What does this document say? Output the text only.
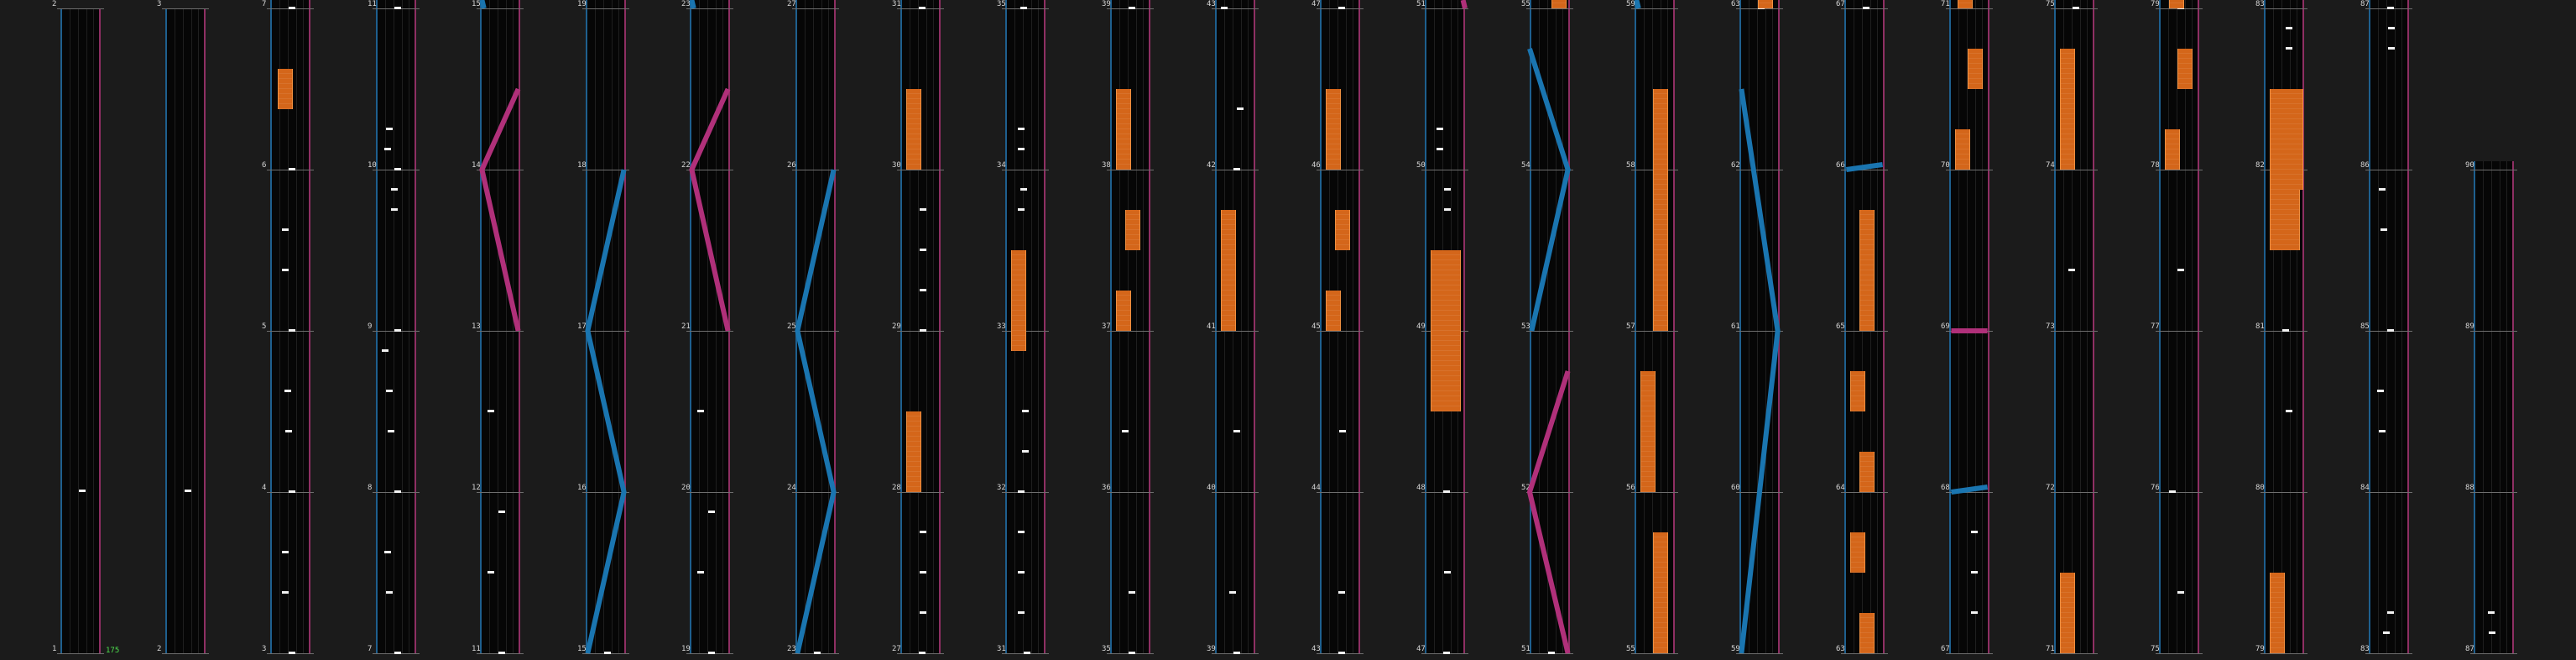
1
2
2
3
3
4
5
6
7
7
8
9
10
11
11
12
13
14
15
15
16
17
18
19
19
20
21
22
23
23
24
25
26
27
27
28
29
30
31
31
32
33
34
35
35
36
37
38
39
39
40
41
42
43
43
44
45
46
47
47
48
49
50
51
51
52
53
54
55
55
56
57
58
59
59
60
61
62
63
63
64
65
66
67
67
68
69
70
71
71
72
73
74
75
75
76
77
78
79
79
80
81
82
83
83
84
85
86
87
87
88
89
90
175
